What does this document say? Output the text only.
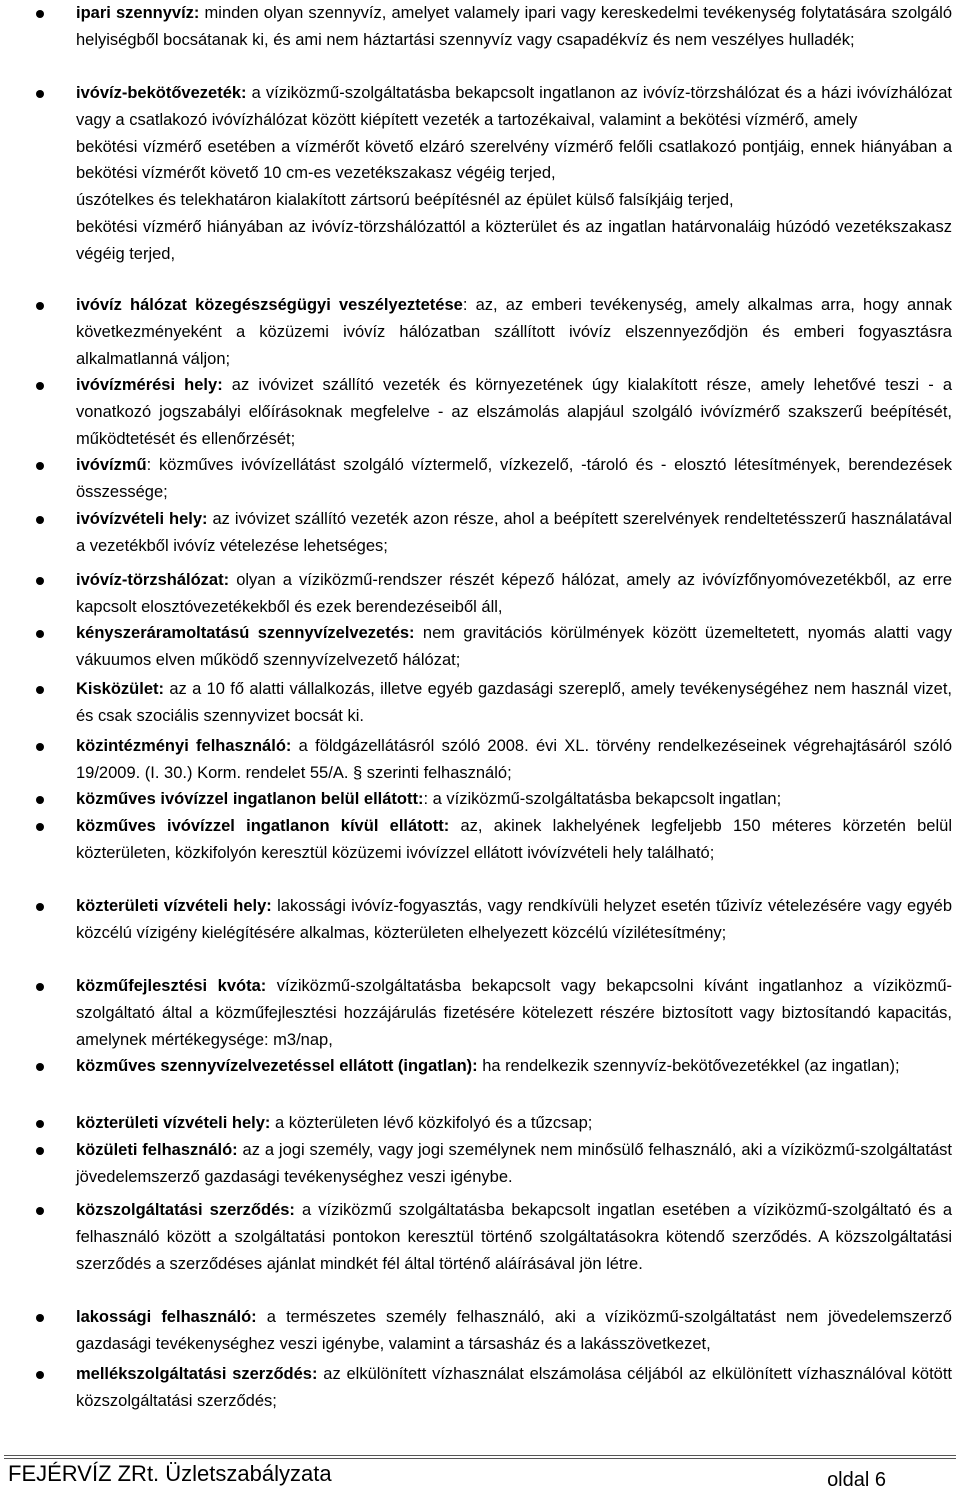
ipari szennyvíz: minden olyan szennyvíz, amelyet valamely ipari vagy kereskedelmi tevékenység folytatására szolgáló helyiségből bocsátanak ki, és ami nem háztartási szennyvíz vagy csapadékvíz és nem veszélyes hulladék;
ivóvíz-bekötővezeték: a víziközmű-szolgáltatásba bekapcsolt ingatlanon az ivóvíz-törzshálózat és a házi ivóvízhálózat vagy a csatlakozó ivóvízhálózat között kiépített vezeték a tartozékaival, valamint a bekötési vízmérő, amely

bekötési vízmérő esetében a vízmérőt követő elzáró szerelvény vízmérő felőli csatlakozó pontjáig, ennek hiányában a bekötési vízmérőt követő 10 cm-es vezetékszakasz végéig terjed,

úszótelkes és telekhatáron kialakított zártsorú beépítésnél az épület külső falsíkjáig terjed,

bekötési vízmérő hiányában az ivóvíz-törzshálózattól a közterület és az ingatlan határvonaláig húzódó vezetékszakasz végéig terjed,

ivóvíz hálózat közegészségügyi veszélyeztetése: az, az emberi tevékenység, amely alkalmas arra, hogy annak következményeként a közüzemi ivóvíz hálózatban szállított ivóvíz elszennyeződjön és emberi fogyasztásra alkalmatlanná váljon;
ivóvízmérési hely: az ivóvizet szállító vezeték és környezetének úgy kialakított része, amely lehetővé teszi - a vonatkozó jogszabályi előírásoknak megfelelve - az elszámolás alapjául szolgáló ivóvízmérő szakszerű beépítését, működtetését és ellenőrzését;
ivóvízmű: közműves ivóvízellátást szolgáló víztermelő, vízkezelő, -tároló és - elosztó létesítmények, berendezések összessége;
ivóvízvételi hely: az ivóvizet szállító vezeték azon része, ahol a beépített szerelvények rendeltetésszerű használatával a vezetékből ivóvíz vételezése lehetséges;
ivóvíz-törzshálózat: olyan a víziközmű-rendszer részét képező hálózat, amely az ivóvízfőnyomóvezetékből, az erre kapcsolt elosztóvezetékekből és ezek berendezéseiből áll,
kényszeráramoltatású szennyvízelvezetés: nem gravitációs körülmények között üzemeltetett, nyomás alatti vagy vákuumos elven működő szennyvízelvezető hálózat;
Kisközület: az a 10 fő alatti vállalkozás, illetve egyéb gazdasági szereplő, amely tevékenységéhez nem használ vizet, és csak szociális szennyvizet bocsát ki.
közintézményi felhasználó: a földgázellátásról szóló 2008. évi XL. törvény rendelkezéseinek végrehajtásáról szóló 19/2009. (I. 30.) Korm. rendelet 55/A. § szerinti felhasználó;
közműves ivóvízzel ingatlanon belül ellátott:: a víziközmű-szolgáltatásba bekapcsolt ingatlan;
közműves ivóvízzel ingatlanon kívül ellátott: az, akinek lakhelyének legfeljebb 150 méteres körzetén belül közterületen, közkifolyón keresztül közüzemi ivóvízzel ellátott ivóvízvételi hely található;
közterületi vízvételi hely: lakossági ivóvíz-fogyasztás, vagy rendkívüli helyzet esetén tűzivíz vételezésére vagy egyéb közcélú vízigény kielégítésére alkalmas, közterületen elhelyezett közcélú vízilétesítmény;
közműfejlesztési kvóta: víziközmű-szolgáltatásba bekapcsolt vagy bekapcsolni kívánt ingatlanhoz a víziközmű-szolgáltató által a közműfejlesztési hozzájárulás fizetésére kötelezett részére biztosított vagy biztosítandó kapacitás, amelynek mértékegysége: m3/nap,
közműves szennyvízelvezetéssel ellátott (ingatlan): ha rendelkezik szennyvíz-bekötővezetékkel (az ingatlan);
közterületi vízvételi hely: a közterületen lévő közkifolyó és a tűzcsap;
közületi felhasználó: az a jogi személy, vagy jogi személynek nem minősülő felhasználó, aki a víziközmű-szolgáltatást jövedelemszerző gazdasági tevékenységhez veszi igénybe.
közszolgáltatási szerződés: a víziközmű szolgáltatásba bekapcsolt ingatlan esetében a víziközmű-szolgáltató és a felhasználó között a szolgáltatási pontokon keresztül történő szolgáltatásokra kötendő szerződés. A közszolgáltatási szerződés a szerződéses ajánlat mindkét fél által történő aláírásával jön létre.
lakossági felhasználó: a természetes személy felhasználó, aki a víziközmű-szolgáltatást nem jövedelemszerző gazdasági tevékenységhez veszi igénybe, valamint a társasház és a lakásszövetkezet,
mellékszolgáltatási szerződés: az elkülönített vízhasználat elszámolása céljából az elkülönített vízhasználóval kötött közszolgáltatási szerződés;
FEJÉRVÍZ ZRt. Üzletszabályzata	oldal 6
